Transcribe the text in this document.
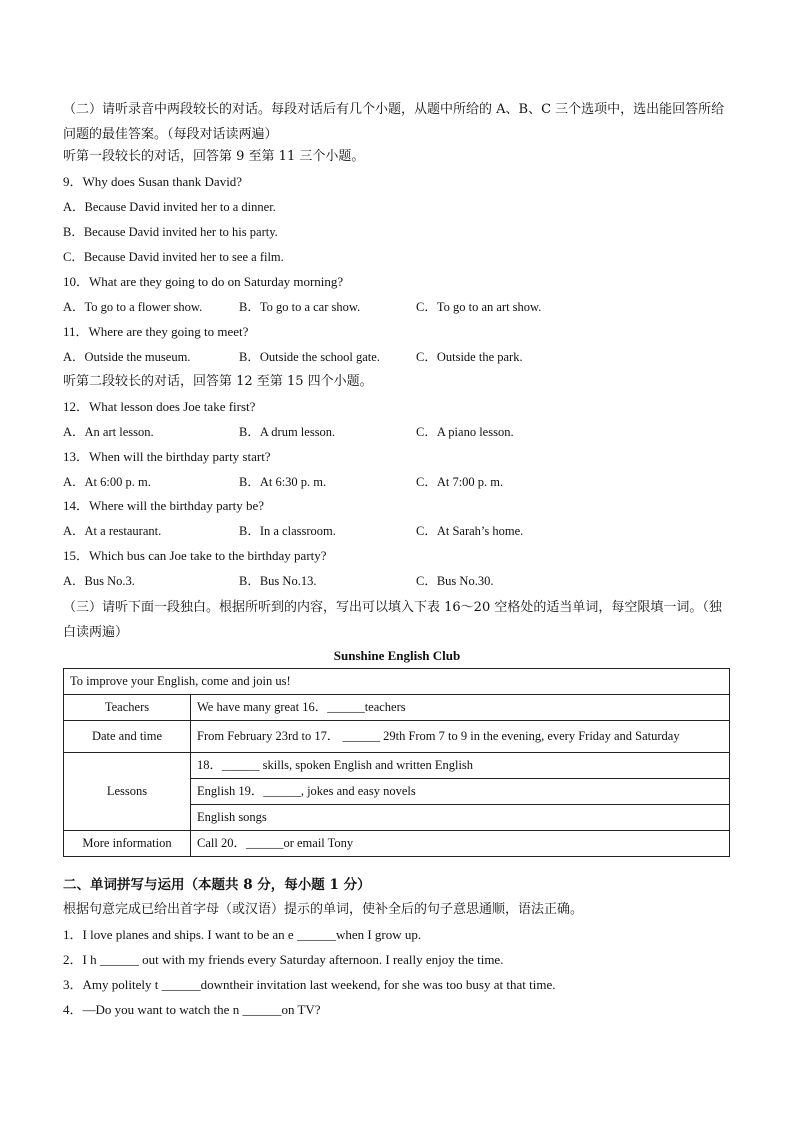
（二）请听录音中两段较长的对话。每段对话后有几个小题，从题中所给的 A、B、C 三个选项中，选出能回答所给问题的最佳答案。（每段对话读两遍）
听第一段较长的对话，回答第 9 至第 11 三个小题。
9．Why does Susan thank David?
A．Because David invited her to a dinner.
B．Because David invited her to his party.
C．Because David invited her to see a film.
10．What are they going to do on Saturday morning?
A．To go to a flower show.	B．To go to a car show.	C．To go to an art show.
11．Where are they going to meet?
A．Outside the museum.	B．Outside the school gate.	C．Outside the park.
听第二段较长的对话，回答第 12 至第 15 四个小题。
12．What lesson does Joe take first?
A．An art lesson.	B．A drum lesson.	C．A piano lesson.
13．When will the birthday party start?
A．At 6:00 p. m.	B．At 6:30 p. m.	C．At 7:00 p. m.
14．Where will the birthday party be?
A．At a restaurant.	B．In a classroom.	C．At Sarah’s home.
15．Which bus can Joe take to the birthday party?
A．Bus No.3.	B．Bus No.13.	C．Bus No.30.
（三）请听下面一段独白。根据所听到的内容，写出可以填入下表 16～20 空格处的适当单词，每空限填一词。（独白读两遍）
Sunshine English Club
To improve your English, come and join us!	
Teachers	We have many great 16．______teachers
Date and time	From February 23rd to 17． ______ 29th From 7 to 9 in the evening, every Friday and Saturday
Lessons	18．______ skills, spoken English and written English
	English 19．______, jokes and easy novels
	English songs
More information	Call 20．______or email Tony
二、单词拼写与运用（本题共 8 分，每小题 1 分）
根据句意完成已给出首字母（或汉语）提示的单词，使补全后的句子意思通顺，语法正确。
1．I love planes and ships. I want to be an e ______when I grow up.
2．I h ______ out with my friends every Saturday afternoon. I really enjoy the time.
3．Amy politely t ______downtheir invitation last weekend, for she was too busy at that time.
4．—Do you want to watch the n ______on TV?
